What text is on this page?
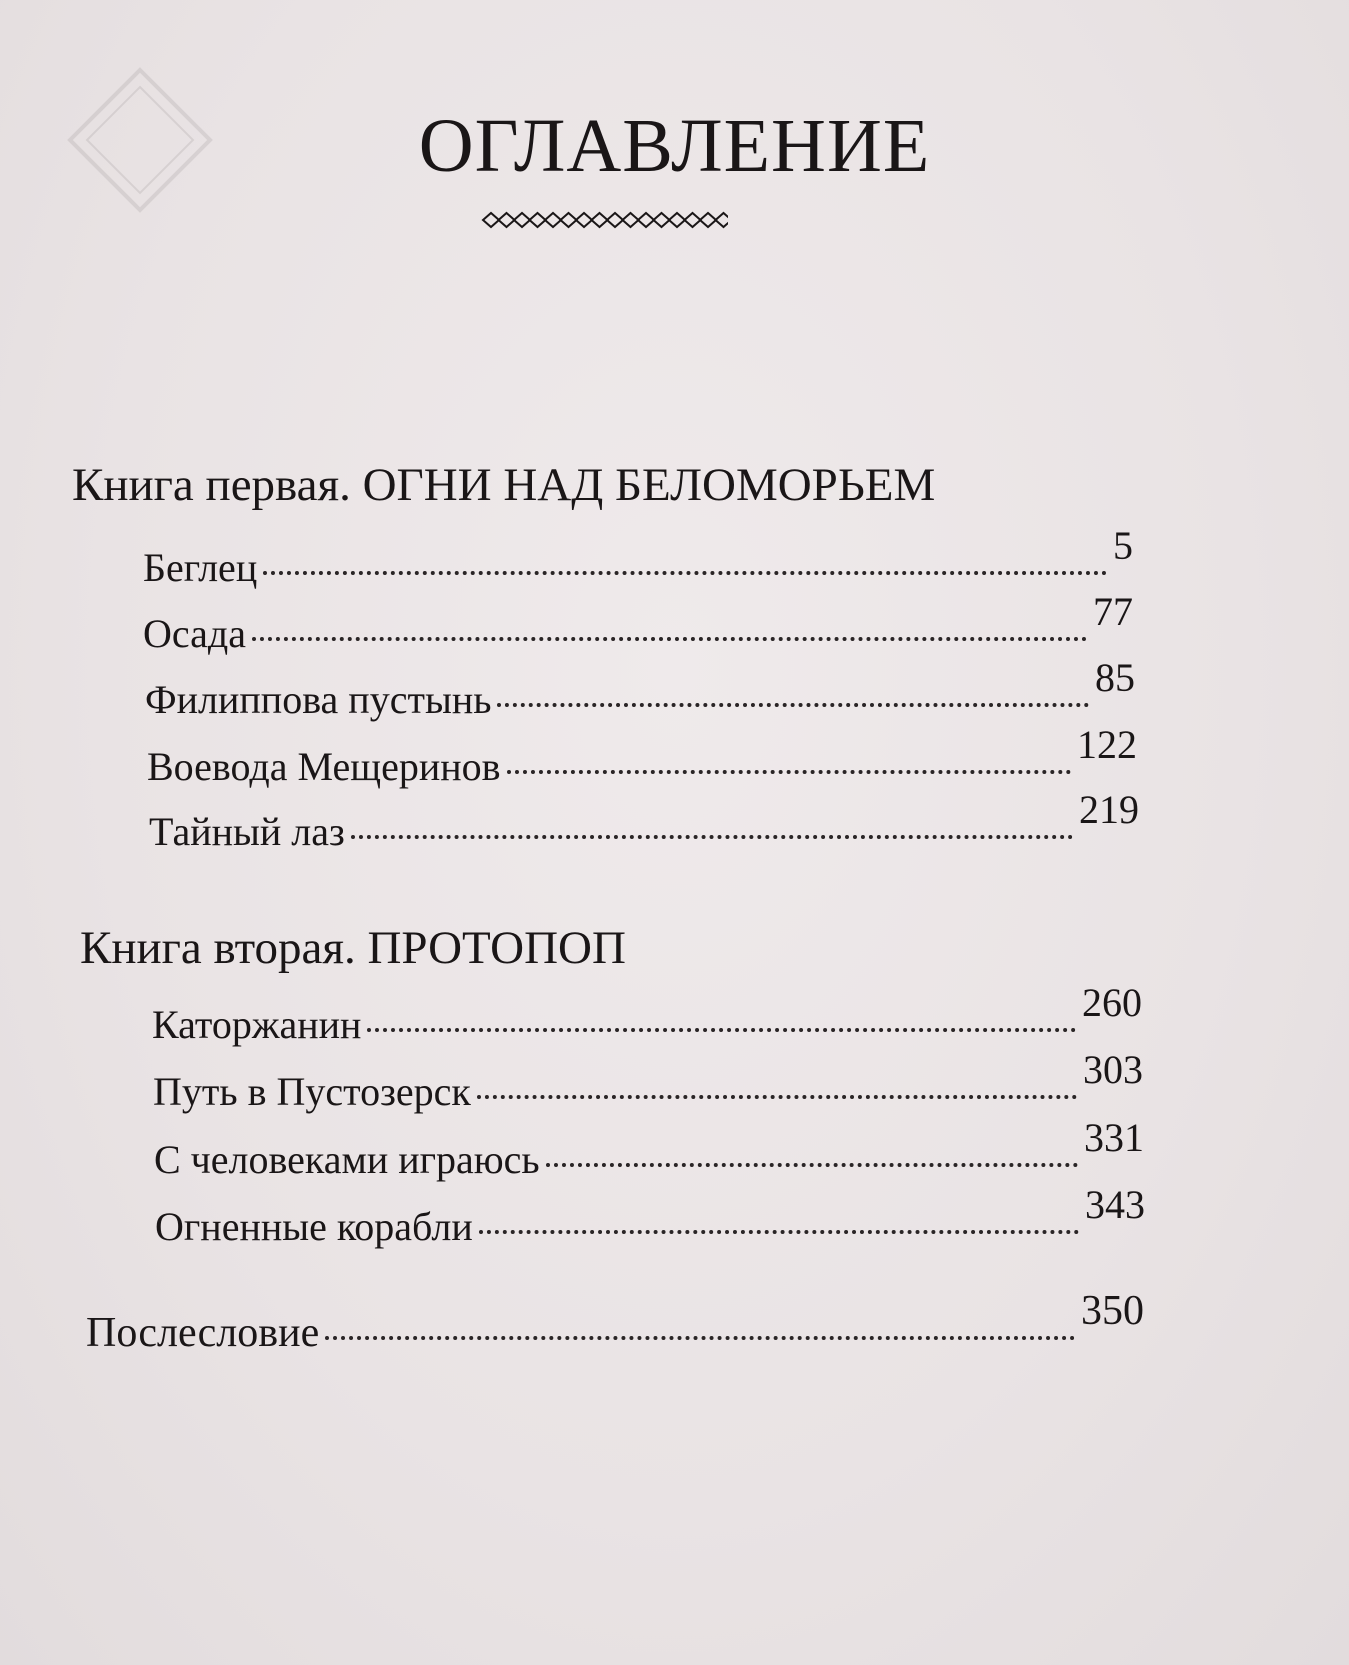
ОГЛАВЛЕНИЕ
Книга первая. ОГНИ НАД БЕЛОМОРЬЕМ
Беглец	5
Осада	77
Филиппова пустынь	85
Воевода Мещеринов	122
Тайный лаз	219
Книга вторая. ПРОТОПОП
Каторжанин	260
Путь в Пустозерск	303
С человеками играюсь	331
Огненные корабли	343
Послесловие	350
